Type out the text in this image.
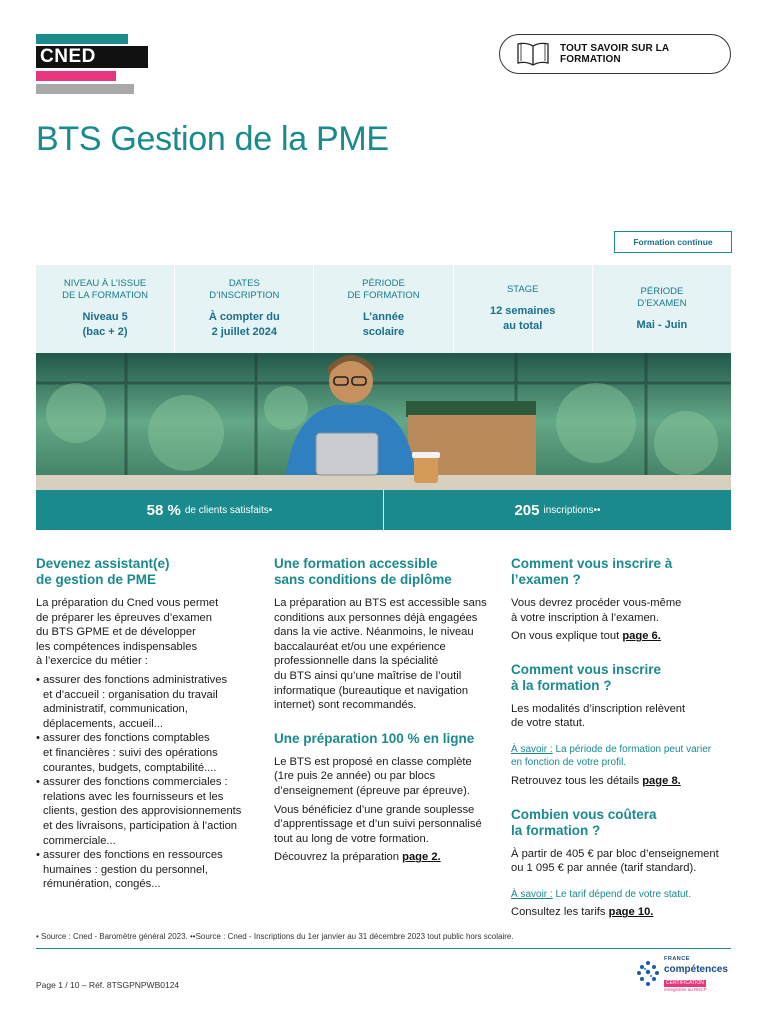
CNED	TOUT SAVOIR SUR LA FORMATION
BTS Gestion de la PME
Formation continue
NIVEAU À L’ISSUE
DE LA FORMATION
Niveau 5
(bac + 2)
DATES
D’INSCRIPTION
À compter du
2 juillet 2024
PÉRIODE
DE FORMATION
L’année
scolaire
STAGE
12 semaines
au total
PÉRIODE
D’EXAMEN
Mai - Juin
58 % de clients satisfaits•	205 inscriptions••
Devenez assistant(e)
de gestion de PME

La préparation du Cned vous permet
de préparer les épreuves d’examen
du BTS GPME et de développer
les compétences indispensables
à l’exercice du métier :

• assurer des fonctions administratives
et d’accueil : organisation du travail
administratif, communication,
déplacements, accueil...
• assurer des fonctions comptables
et financières : suivi des opérations
courantes, budgets, comptabilité....
• assurer des fonctions commerciales :
relations avec les fournisseurs et les
clients, gestion des approvisionnements
et des livraisons, participation à l’action
commerciale...
• assurer des fonctions en ressources
humaines : gestion du personnel,
rémunération, congés...
Une formation accessible
sans conditions de diplôme

La préparation au BTS est accessible sans
conditions aux personnes déjà engagées
dans la vie active. Néanmoins, le niveau
baccalauréat et/ou une expérience
professionnelle dans la spécialité
du BTS ainsi qu’une maîtrise de l’outil
informatique (bureautique et navigation
internet) sont recommandés.

Une préparation 100 % en ligne

Le BTS est proposé en classe complète
(1re puis 2e année) ou par blocs
d’enseignement (épreuve par épreuve).

Vous bénéficiez d’une grande souplesse
d’apprentissage et d’un suivi personnalisé
tout au long de votre formation.

Découvrez la préparation page 2.

Comment vous inscrire à l’examen ?

Vous devrez procéder vous-même
à votre inscription à l’examen.

On vous explique tout page 6.

Comment vous inscrire
à la formation ?

Les modalités d’inscription relèvent
de votre statut.

À savoir : La période de formation peut varier
en fonction de votre profil.

Retrouvez tous les détails page 8.

Combien vous coûtera
la formation ?

À partir de 405 € par bloc d’enseignement
ou 1 095 € par année (tarif standard).

À savoir : Le tarif dépend de votre statut.

Consultez les tarifs page 10.

• Source : Cned - Baromètre général 2023. ••Source : Cned - Inscriptions du 1er janvier au 31 décembre 2023 tout public hors scolaire.
Page 1 / 10 – Réf. 8TSGPNPWB0124
FRANCE
compétences
CERTIFICATION
enregistrée au RNCP
